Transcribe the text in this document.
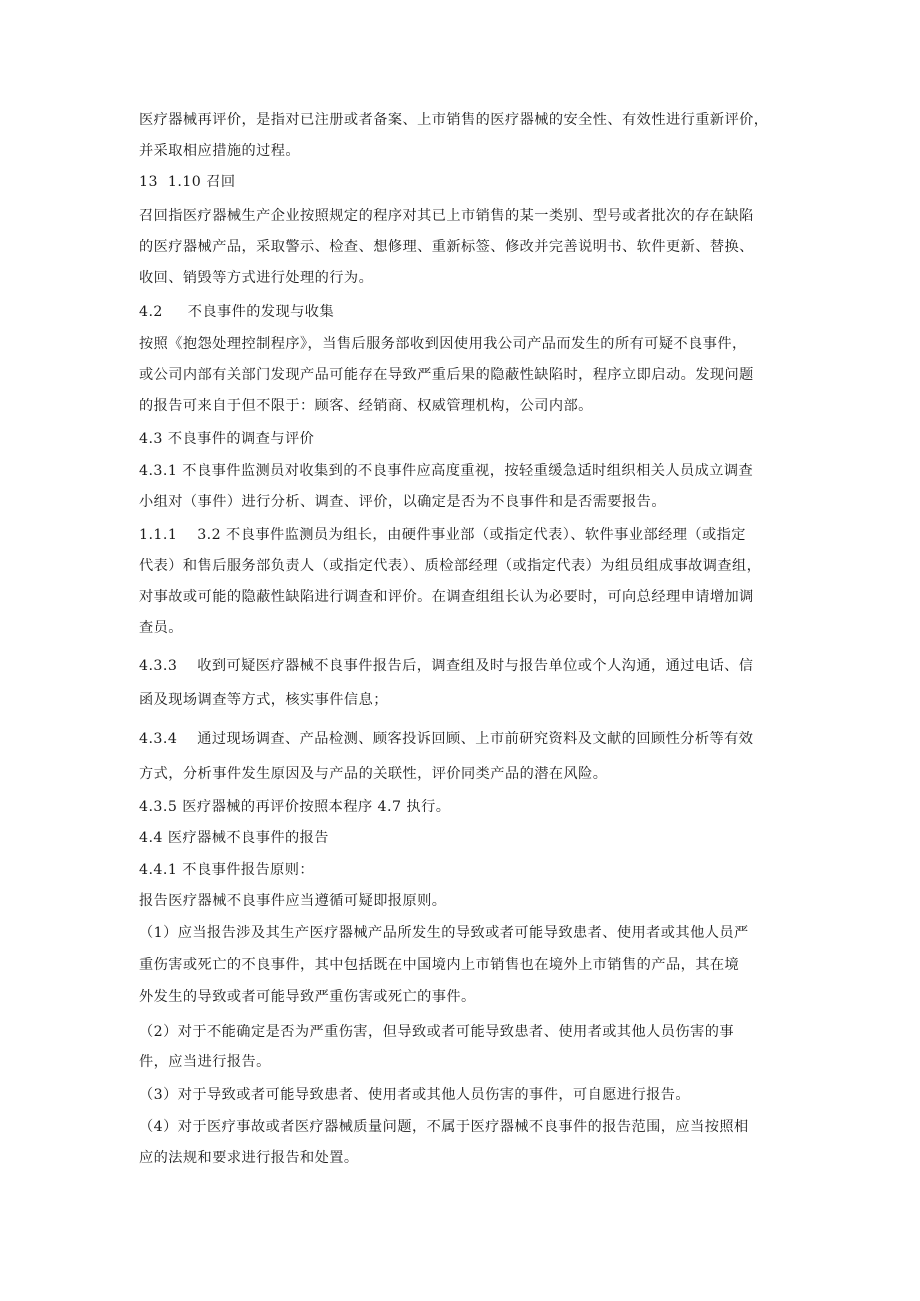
医疗器械再评价，是指对已注册或者备案、上市销售的医疗器械的安全性、有效性进行重新评价，
并采取相应措施的过程。
13  1.10 召回
召回指医疗器械生产企业按照规定的程序对其已上市销售的某一类别、型号或者批次的存在缺陷
的医疗器械产品，采取警示、检查、想修理、重新标签、修改并完善说明书、软件更新、替换、
收回、销毁等方式进行处理的行为。
4.2     不良事件的发现与收集
按照《抱怨处理控制程序》，当售后服务部收到因使用我公司产品而发生的所有可疑不良事件，
或公司内部有关部门发现产品可能存在导致严重后果的隐蔽性缺陷时，程序立即启动。发现问题
的报告可来自于但不限于：顾客、经销商、权威管理机构，公司内部。
4.3 不良事件的调查与评价
4.3.1 不良事件监测员对收集到的不良事件应高度重视，按轻重缓急适时组织相关人员成立调查
小组对（事件）进行分析、调查、评价，以确定是否为不良事件和是否需要报告。
1.1.1    3.2 不良事件监测员为组长，由硬件事业部（或指定代表）、软件事业部经理（或指定
代表）和售后服务部负责人（或指定代表）、质检部经理（或指定代表）为组员组成事故调查组，
对事故或可能的隐蔽性缺陷进行调查和评价。在调查组组长认为必要时，可向总经理申请增加调
查员。
4.3.3    收到可疑医疗器械不良事件报告后，调查组及时与报告单位或个人沟通，通过电话、信
函及现场调查等方式，核实事件信息；
4.3.4    通过现场调查、产品检测、顾客投诉回顾、上市前研究资料及文献的回顾性分析等有效
方式，分析事件发生原因及与产品的关联性，评价同类产品的潜在风险。
4.3.5 医疗器械的再评价按照本程序 4.7 执行。
4.4 医疗器械不良事件的报告
4.4.1 不良事件报告原则：
报告医疗器械不良事件应当遵循可疑即报原则。
（1）应当报告涉及其生产医疗器械产品所发生的导致或者可能导致患者、使用者或其他人员严
重伤害或死亡的不良事件，其中包括既在中国境内上市销售也在境外上市销售的产品，其在境
外发生的导致或者可能导致严重伤害或死亡的事件。
（2）对于不能确定是否为严重伤害，但导致或者可能导致患者、使用者或其他人员伤害的事
件，应当进行报告。
（3）对于导致或者可能导致患者、使用者或其他人员伤害的事件，可自愿进行报告。
（4）对于医疗事故或者医疗器械质量问题，不属于医疗器械不良事件的报告范围，应当按照相
应的法规和要求进行报告和处置。
